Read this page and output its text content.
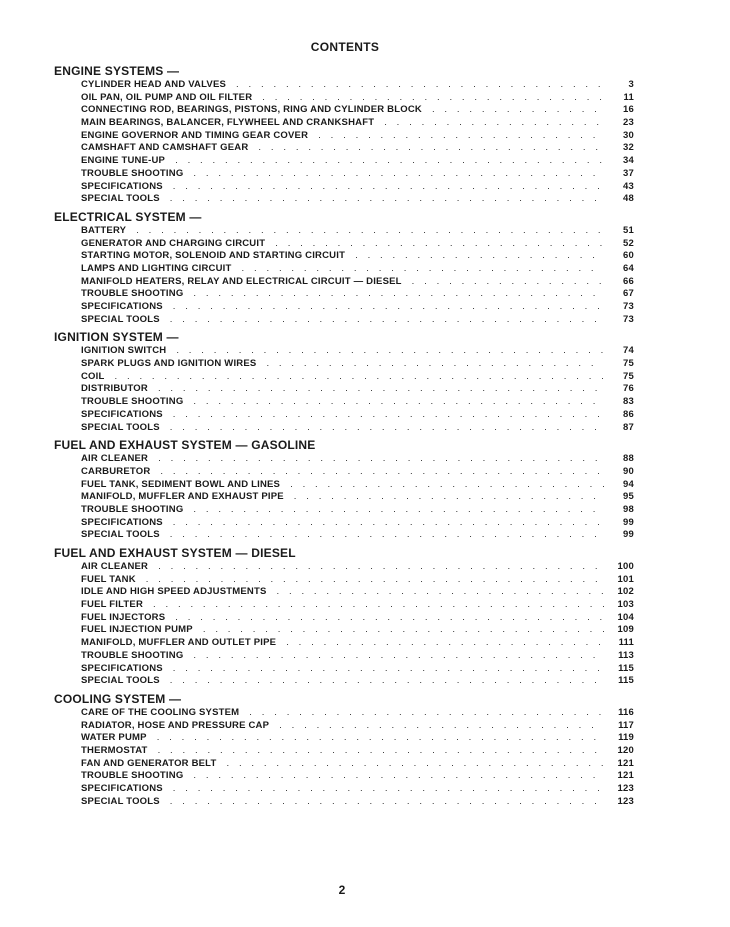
CONTENTS
ENGINE SYSTEMS —
CYLINDER HEAD AND VALVES . . .	3
OIL PAN, OIL PUMP AND OIL FILTER . . .	11
CONNECTING ROD, BEARINGS, PISTONS, RING AND CYLINDER BLOCK . . .	16
MAIN BEARINGS, BALANCER, FLYWHEEL AND CRANKSHAFT . . .	23
ENGINE GOVERNOR AND TIMING GEAR COVER . . .	30
CAMSHAFT AND CAMSHAFT GEAR . . .	32
ENGINE TUNE-UP . . .	34
TROUBLE SHOOTING . . .	37
SPECIFICATIONS . . .	43
SPECIAL TOOLS . . .	48
ELECTRICAL SYSTEM —
BATTERY . . .	51
GENERATOR AND CHARGING CIRCUIT . . .	52
STARTING MOTOR, SOLENOID AND STARTING CIRCUIT . . .	60
LAMPS AND LIGHTING CIRCUIT . . .	64
MANIFOLD HEATERS, RELAY AND ELECTRICAL CIRCUIT — DIESEL . . .	66
TROUBLE SHOOTING . . .	67
SPECIFICATIONS . . .	73
SPECIAL TOOLS . . .	73
IGNITION SYSTEM —
IGNITION SWITCH . . .	74
SPARK PLUGS AND IGNITION WIRES . . .	75
COIL . . .	75
DISTRIBUTOR . . .	76
TROUBLE SHOOTING . . .	83
SPECIFICATIONS . . .	86
SPECIAL TOOLS . . .	87
FUEL AND EXHAUST SYSTEM — GASOLINE
AIR CLEANER . . .	88
CARBURETOR . . .	90
FUEL TANK, SEDIMENT BOWL AND LINES . . .	94
MANIFOLD, MUFFLER AND EXHAUST PIPE . . .	95
TROUBLE SHOOTING . . .	98
SPECIFICATIONS . . .	99
SPECIAL TOOLS . . .	99
FUEL AND EXHAUST SYSTEM — DIESEL
AIR CLEANER . . .	100
FUEL TANK . . .	101
IDLE AND HIGH SPEED ADJUSTMENTS . . .	102
FUEL FILTER . . .	103
FUEL INJECTORS . . .	104
FUEL INJECTION PUMP . . .	109
MANIFOLD, MUFFLER AND OUTLET PIPE . . .	111
TROUBLE SHOOTING . . .	113
SPECIFICATIONS . . .	115
SPECIAL TOOLS . . .	115
COOLING SYSTEM —
CARE OF THE COOLING SYSTEM . . .	116
RADIATOR, HOSE AND PRESSURE CAP . . .	117
WATER PUMP . . .	119
THERMOSTAT . . .	120
FAN AND GENERATOR BELT . . .	121
TROUBLE SHOOTING . . .	121
SPECIFICATIONS . . .	123
SPECIAL TOOLS . . .	123
2
